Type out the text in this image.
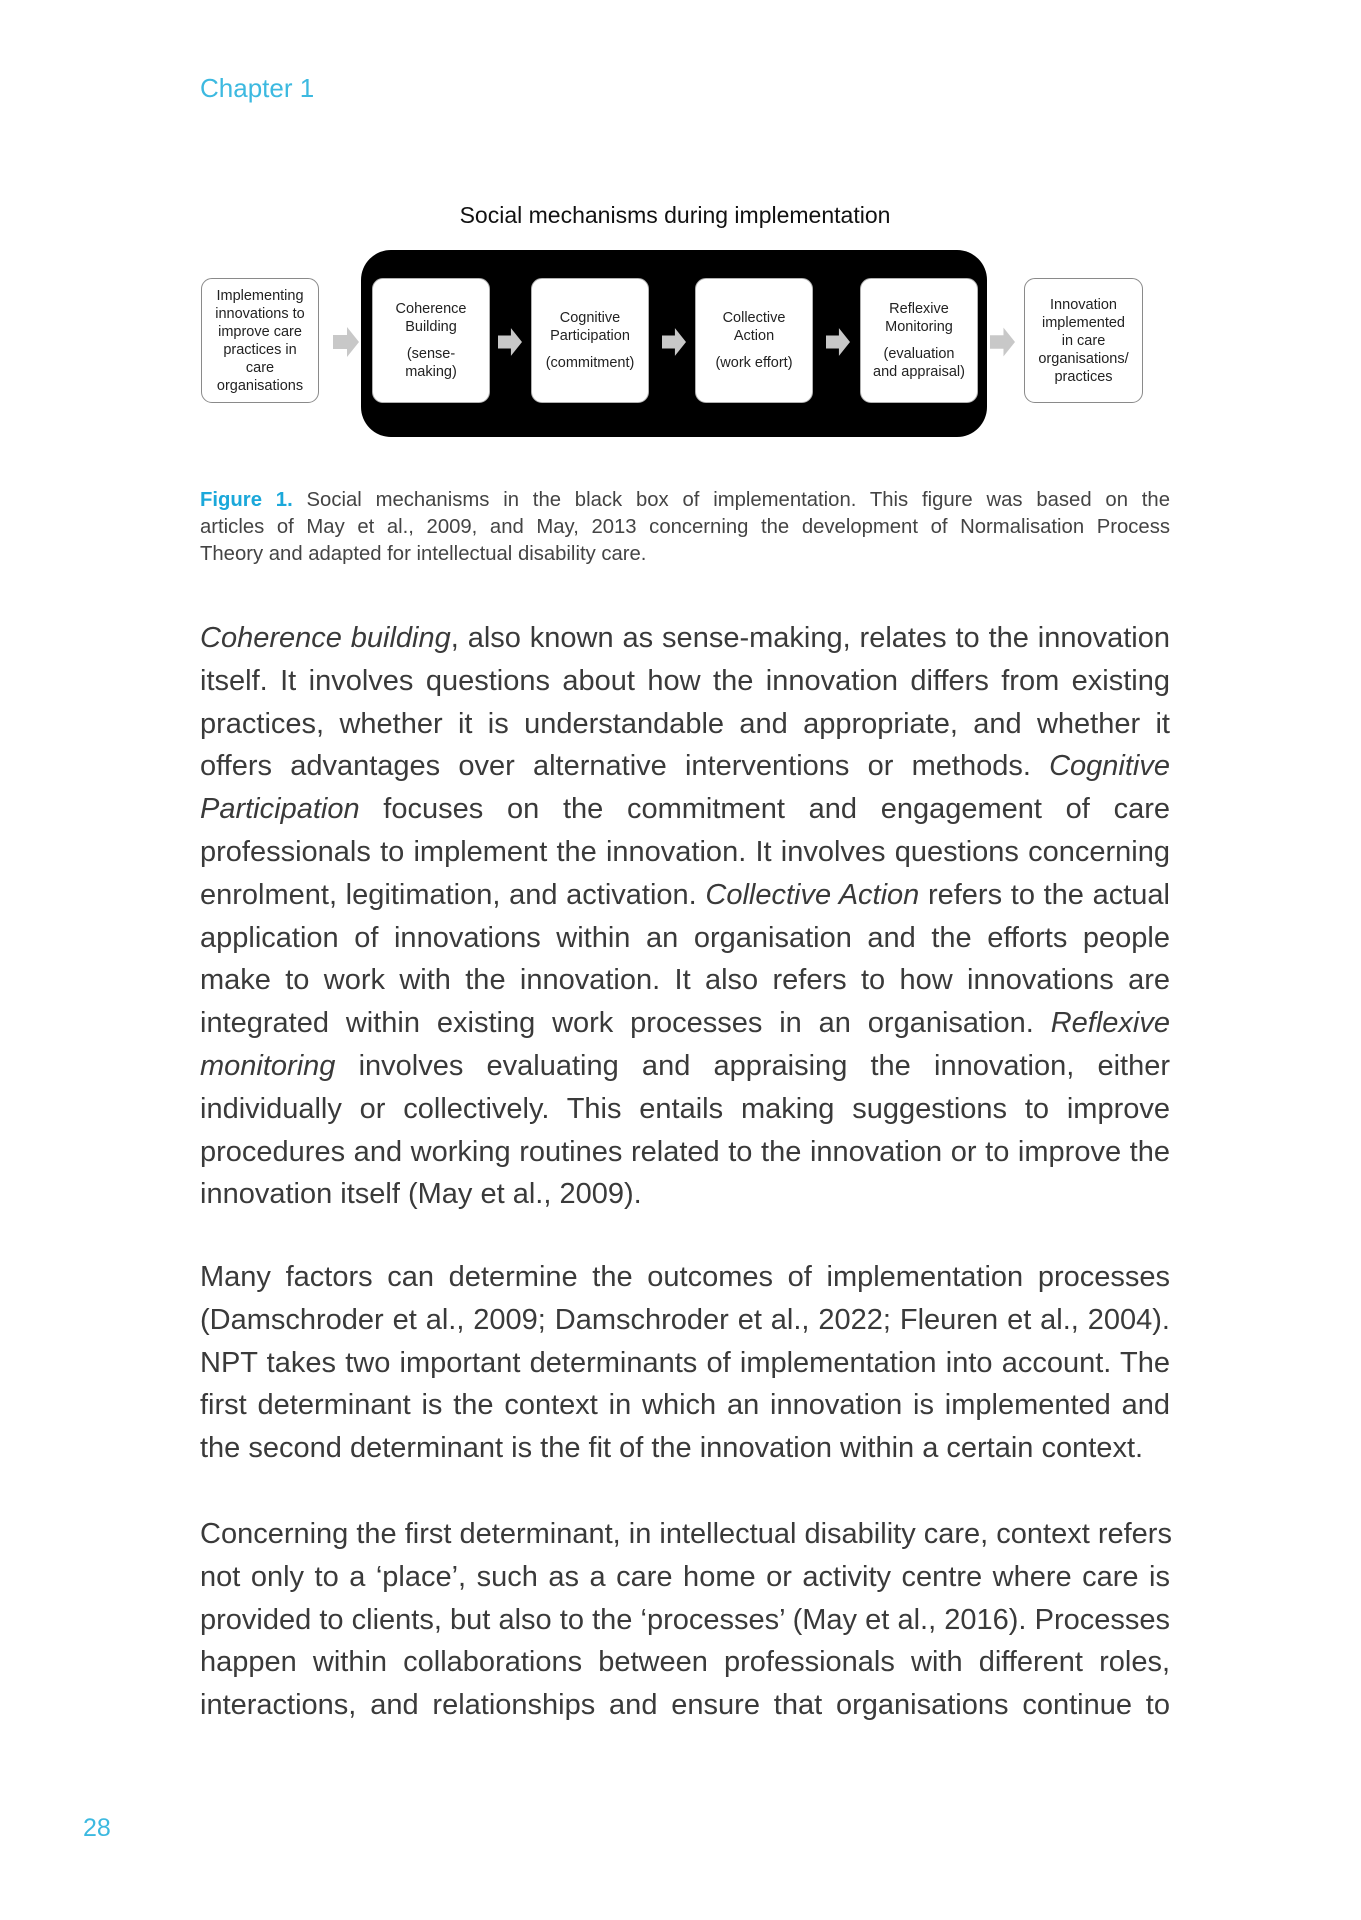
Chapter 1
Social mechanisms during implementation
Implementing
innovations to
improve care
practices in
care
organisations
Coherence
Building
(sense-
making)
Cognitive
Participation
(commitment)
Collective
Action
(work effort)
Reflexive
Monitoring
(evaluation
and appraisal)
Innovation
implemented
in care
organisations/
practices
Figure 1. Social mechanisms in the black box of implementation. This figure was based on the
articles of May et al., 2009, and May, 2013 concerning the development of Normalisation Process
Theory and adapted for intellectual disability care.
Coherence building, also known as sense-making, relates to the innovation
itself. It involves questions about how the innovation differs from existing
practices, whether it is understandable and appropriate, and whether it
offers advantages over alternative interventions or methods. Cognitive
Participation focuses on the commitment and engagement of care
professionals to implement the innovation. It involves questions concerning
enrolment, legitimation, and activation. Collective Action refers to the actual
application of innovations within an organisation and the efforts people
make to work with the innovation. It also refers to how innovations are
integrated within existing work processes in an organisation. Reflexive
monitoring involves evaluating and appraising the innovation, either
individually or collectively. This entails making suggestions to improve
procedures and working routines related to the innovation or to improve the
innovation itself (May et al., 2009).
Many factors can determine the outcomes of implementation processes
(Damschroder et al., 2009; Damschroder et al., 2022; Fleuren et al., 2004).
NPT takes two important determinants of implementation into account. The
first determinant is the context in which an innovation is implemented and
the second determinant is the fit of the innovation within a certain context.
Concerning the first determinant, in intellectual disability care, context refers
not only to a ‘place’, such as a care home or activity centre where care is
provided to clients, but also to the ‘processes’ (May et al., 2016). Processes
happen within collaborations between professionals with different roles,
interactions, and relationships and ensure that organisations continue to
28
